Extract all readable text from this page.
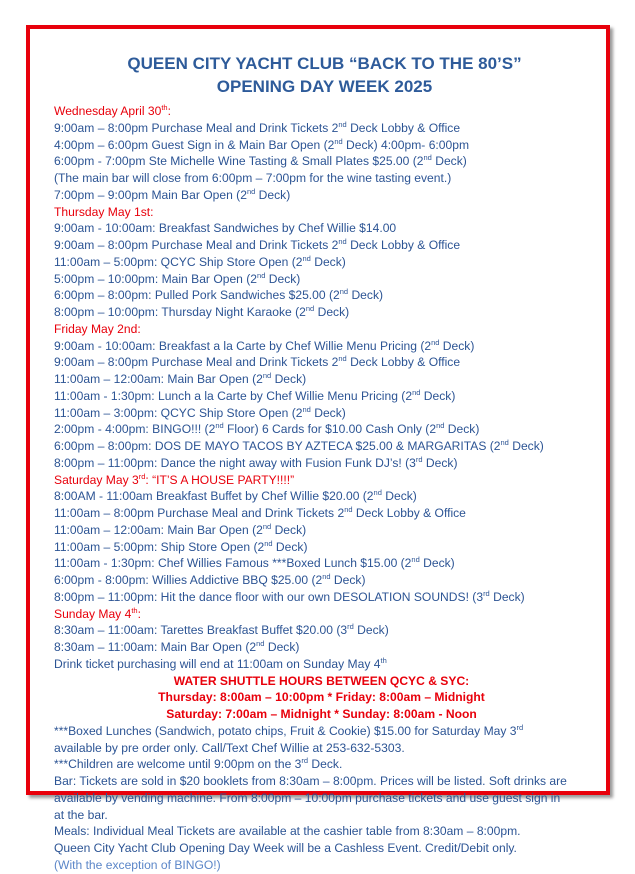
QUEEN CITY YACHT CLUB “BACK TO THE 80’S”
OPENING DAY WEEK 2025
Wednesday April 30th:
9:00am – 8:00pm Purchase Meal and Drink Tickets 2nd Deck Lobby & Office
4:00pm – 6:00pm Guest Sign in & Main Bar Open (2nd Deck) 4:00pm- 6:00pm
6:00pm - 7:00pm Ste Michelle Wine Tasting & Small Plates $25.00 (2nd Deck)
(The main bar will close from 6:00pm – 7:00pm for the wine tasting event.)
7:00pm – 9:00pm Main Bar Open (2nd Deck)
Thursday May 1st:
9:00am - 10:00am: Breakfast Sandwiches by Chef Willie $14.00
9:00am – 8:00pm Purchase Meal and Drink Tickets 2nd Deck Lobby & Office
11:00am – 5:00pm: QCYC Ship Store Open (2nd Deck)
5:00pm – 10:00pm: Main Bar Open (2nd Deck)
6:00pm – 8:00pm: Pulled Pork Sandwiches $25.00 (2nd Deck)
8:00pm – 10:00pm: Thursday Night Karaoke (2nd Deck)
Friday May 2nd:
9:00am - 10:00am: Breakfast a la Carte by Chef Willie Menu Pricing (2nd Deck)
9:00am – 8:00pm Purchase Meal and Drink Tickets 2nd Deck Lobby & Office
11:00am – 12:00am: Main Bar Open (2nd Deck)
11:00am - 1:30pm: Lunch a la Carte by Chef Willie Menu Pricing (2nd Deck)
11:00am – 3:00pm: QCYC Ship Store Open (2nd Deck)
2:00pm - 4:00pm: BINGO!!! (2nd Floor) 6 Cards for $10.00 Cash Only (2nd Deck)
6:00pm – 8:00pm: DOS DE MAYO TACOS BY AZTECA $25.00 & MARGARITAS (2nd Deck)
8:00pm – 11:00pm: Dance the night away with Fusion Funk DJ’s! (3rd Deck)
Saturday May 3rd: “IT’S A HOUSE PARTY!!!!”
8:00AM - 11:00am Breakfast Buffet by Chef Willie $20.00 (2nd Deck)
11:00am – 8:00pm Purchase Meal and Drink Tickets 2nd Deck Lobby & Office
11:00am – 12:00am: Main Bar Open (2nd Deck)
11:00am – 5:00pm: Ship Store Open (2nd Deck)
11:00am - 1:30pm: Chef Willies Famous ***Boxed Lunch $15.00 (2nd Deck)
6:00pm - 8:00pm: Willies Addictive BBQ $25.00 (2nd Deck)
8:00pm – 11:00pm: Hit the dance floor with our own DESOLATION SOUNDS! (3rd Deck)
Sunday May 4th:
8:30am – 11:00am: Tarettes Breakfast Buffet $20.00 (3rd Deck)
8:30am – 11:00am: Main Bar Open (2nd Deck)
Drink ticket purchasing will end at 11:00am on Sunday May 4th
WATER SHUTTLE HOURS BETWEEN QCYC & SYC:
Thursday: 8:00am – 10:00pm * Friday: 8:00am – Midnight
Saturday: 7:00am – Midnight * Sunday: 8:00am - Noon
***Boxed Lunches (Sandwich, potato chips, Fruit & Cookie) $15.00 for Saturday May 3rd
available by pre order only. Call/Text Chef Willie at 253-632-5303.
***Children are welcome until 9:00pm on the 3rd Deck.
Bar: Tickets are sold in $20 booklets from 8:30am – 8:00pm. Prices will be listed. Soft drinks are
available by vending machine. From 8:00pm – 10:00pm purchase tickets and use guest sign in
at the bar.
Meals: Individual Meal Tickets are available at the cashier table from 8:30am – 8:00pm.
Queen City Yacht Club Opening Day Week will be a Cashless Event. Credit/Debit only.
(With the exception of BINGO!)
